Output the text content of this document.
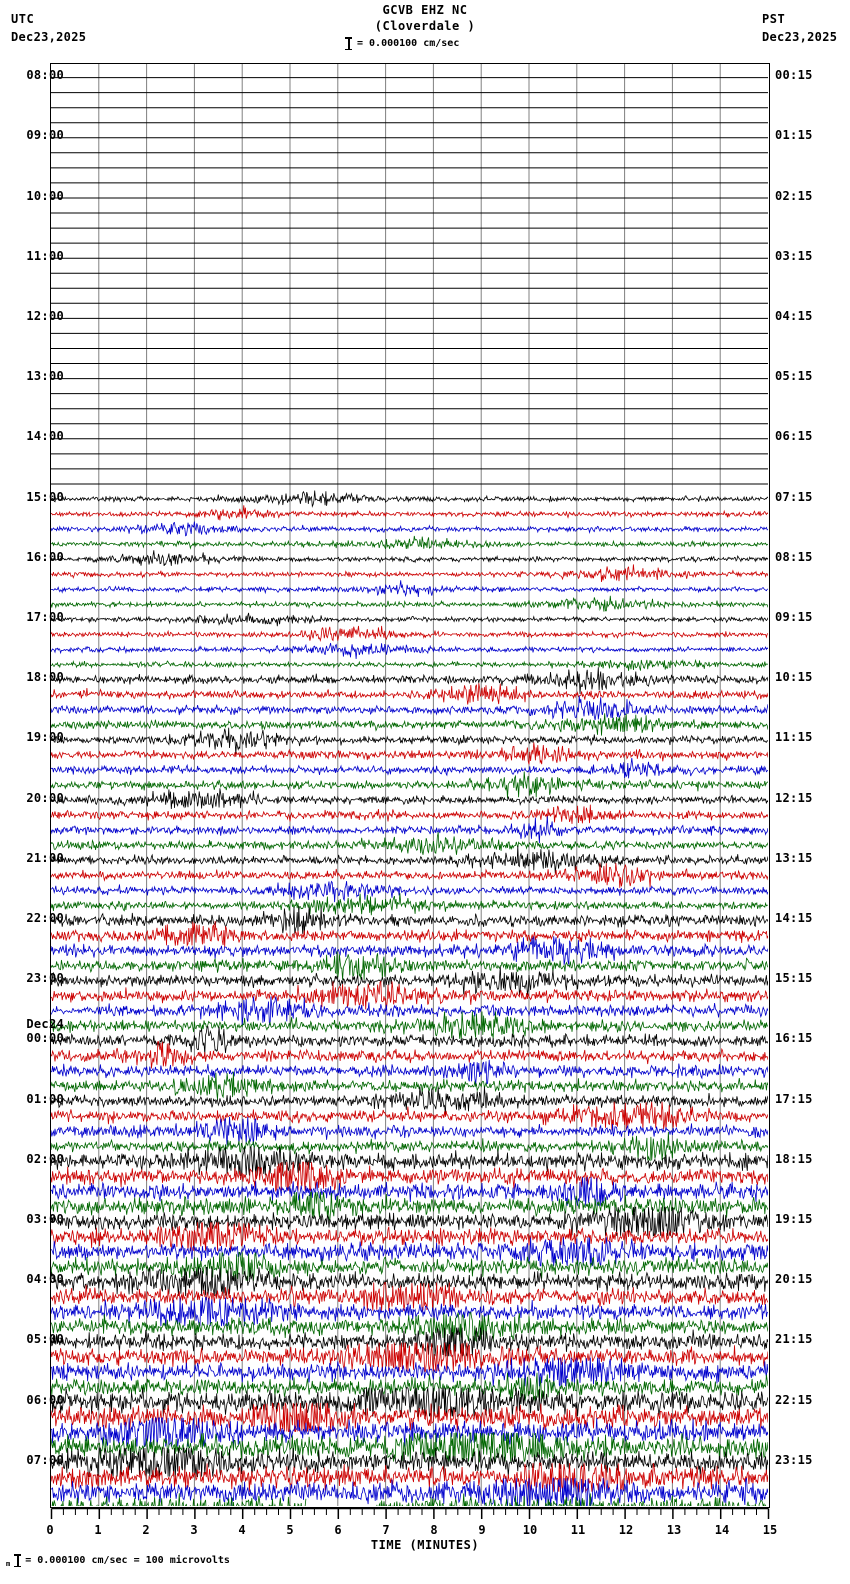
UTC
Dec23,2025
GCVB EHZ NC
(Cloverdale )	PST
Dec23,2025
= 0.000100 cm/sec
08:00
09:00
10:00
11:00
12:00
13:00
14:00
15:00
16:00
17:00
18:00
19:00
20:00
21:00
22:00
23:00
00:00
01:00
02:00
03:00
04:00
05:00
06:00
07:00
00:15
01:15
02:15
03:15
04:15
05:15
06:15
07:15
08:15
09:15
10:15
11:15
12:15
13:15
14:15
15:15
16:15
17:15
18:15
19:15
20:15
21:15
22:15
23:15
Dec24
0	1	2	3	4	5	6	7	8	9	10	11	12	13	14	15
TIME (MINUTES)
m = 0.000100 cm/sec = 100 microvolts
